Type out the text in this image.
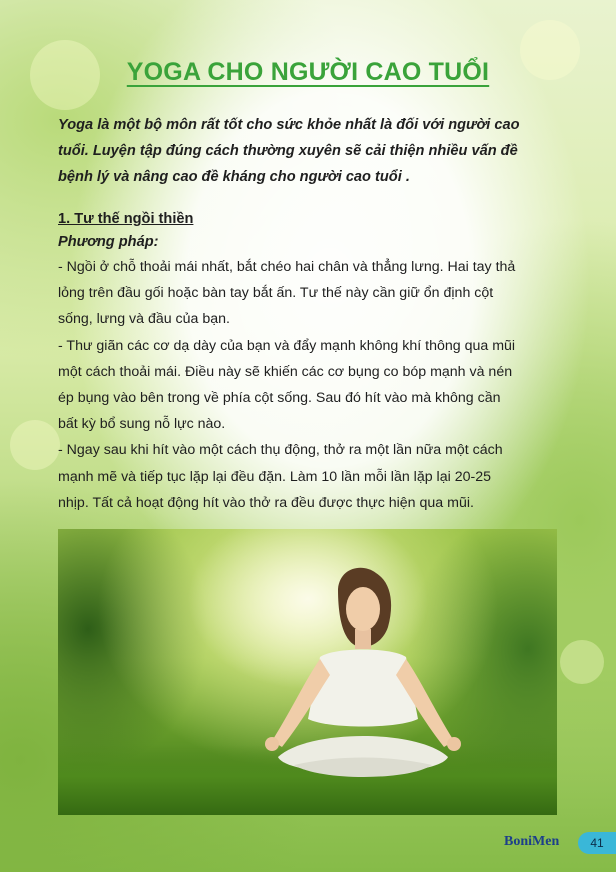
YOGA CHO NGƯỜI CAO TUỔI
Yoga là một bộ môn rất tốt cho sức khỏe nhất là đối với người cao
tuổi. Luyện tập đúng cách thường xuyên sẽ cải thiện nhiều vấn đề
bệnh lý và nâng cao đề kháng cho người cao tuổi .

1. Tư thế ngồi thiền

Phương pháp:

- Ngồi ở chỗ thoải mái nhất, bắt chéo hai chân và thẳng lưng. Hai tay thả
lỏng trên đầu gối hoặc bàn tay bắt ấn. Tư thế này cần giữ ổn định cột
sống, lưng và đầu của bạn.
- Thư giãn các cơ dạ dày của bạn và đẩy mạnh không khí thông qua mũi
một cách thoải mái. Điều này sẽ khiến các cơ bụng co bóp mạnh và nén
ép bụng vào bên trong về phía cột sống. Sau đó hít vào mà không cần
bất kỳ bổ sung nỗ lực nào.
- Ngay sau khi hít vào một cách thụ động, thở ra một lần nữa một cách
mạnh mẽ và tiếp tục lặp lại đều đặn. Làm 10 lần mỗi lần lặp lại 20-25
nhịp. Tất cả hoạt động hít vào thở ra đều được thực hiện qua mũi.
BoniMen	41
